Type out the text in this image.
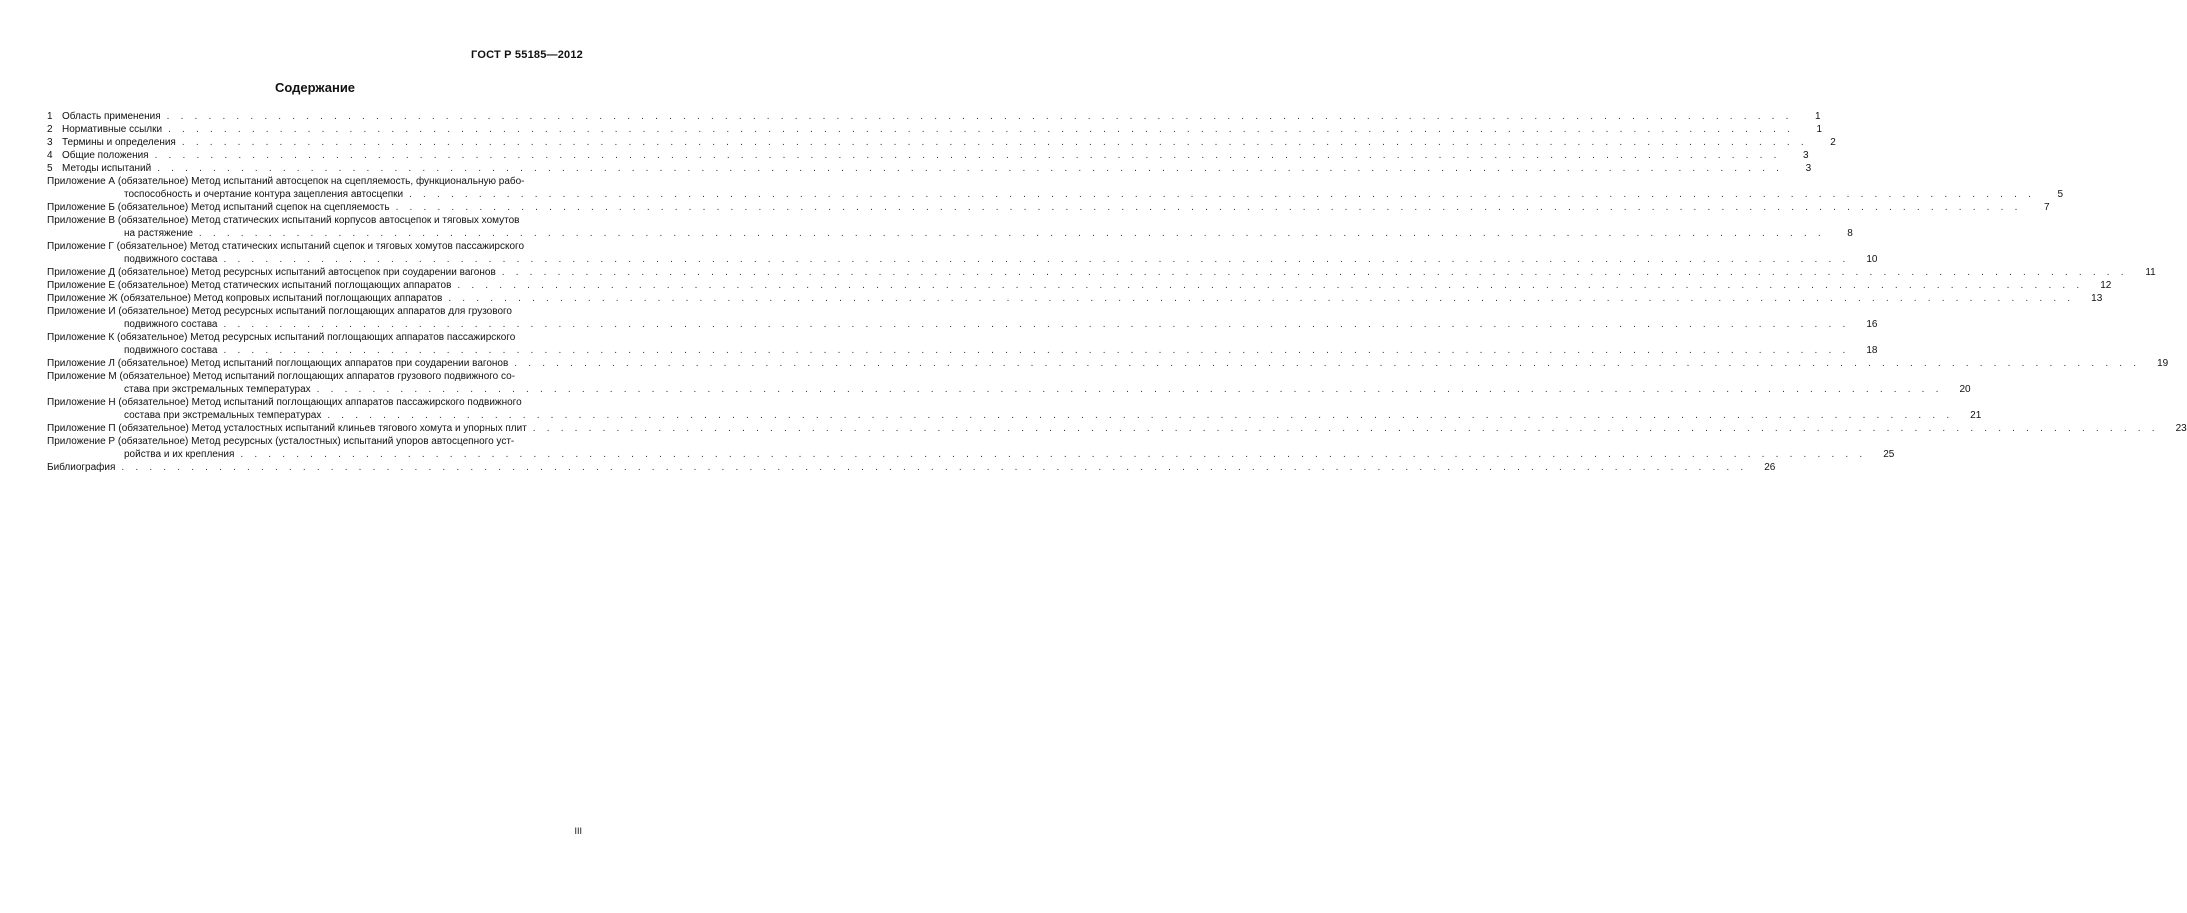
ГОСТ Р 55185—2012
Содержание
1 Область применения . . .	1
2 Нормативные ссылки . . .	1
3 Термины и определения . . .	2
4 Общие положения . . .	3
5 Методы испытаний . . .	3
Приложение А (обязательное) Метод испытаний автосцепок на сцепляемость, функциональную рабо-
тоспособность и очертание контура зацепления автосцепки . . .	5
Приложение Б (обязательное) Метод испытаний сцепок на сцепляемость . . .	7
Приложение В (обязательное) Метод статических испытаний корпусов автосцепок и тяговых хомутов
на растяжение . . .	8
Приложение Г (обязательное) Метод статических испытаний сцепок и тяговых хомутов пассажирского
подвижного состава . . .	10
Приложение Д (обязательное) Метод ресурсных испытаний автосцепок при соударении вагонов . . .	11
Приложение Е (обязательное) Метод статических испытаний поглощающих аппаратов . . .	12
Приложение Ж (обязательное) Метод копровых испытаний поглощающих аппаратов . . .	13
Приложение И (обязательное) Метод ресурсных испытаний поглощающих аппаратов для грузового
подвижного состава . . .	16
Приложение К (обязательное) Метод ресурсных испытаний поглощающих аппаратов пассажирского
подвижного состава . . .	18
Приложение Л (обязательное) Метод испытаний поглощающих аппаратов при соударении вагонов . . .	19
Приложение М (обязательное) Метод испытаний поглощающих аппаратов грузового подвижного со-
става при экстремальных температурах . . .	20
Приложение Н (обязательное) Метод испытаний поглощающих аппаратов пассажирского подвижного
состава при экстремальных температурах . . .	21
Приложение П (обязательное) Метод усталостных испытаний клиньев тягового хомута и упорных плит . . .	23
Приложение Р (обязательное) Метод ресурсных (усталостных) испытаний упоров автосцепного уст-
ройства и их крепления . . .	25
Библиография . . .	26
III
